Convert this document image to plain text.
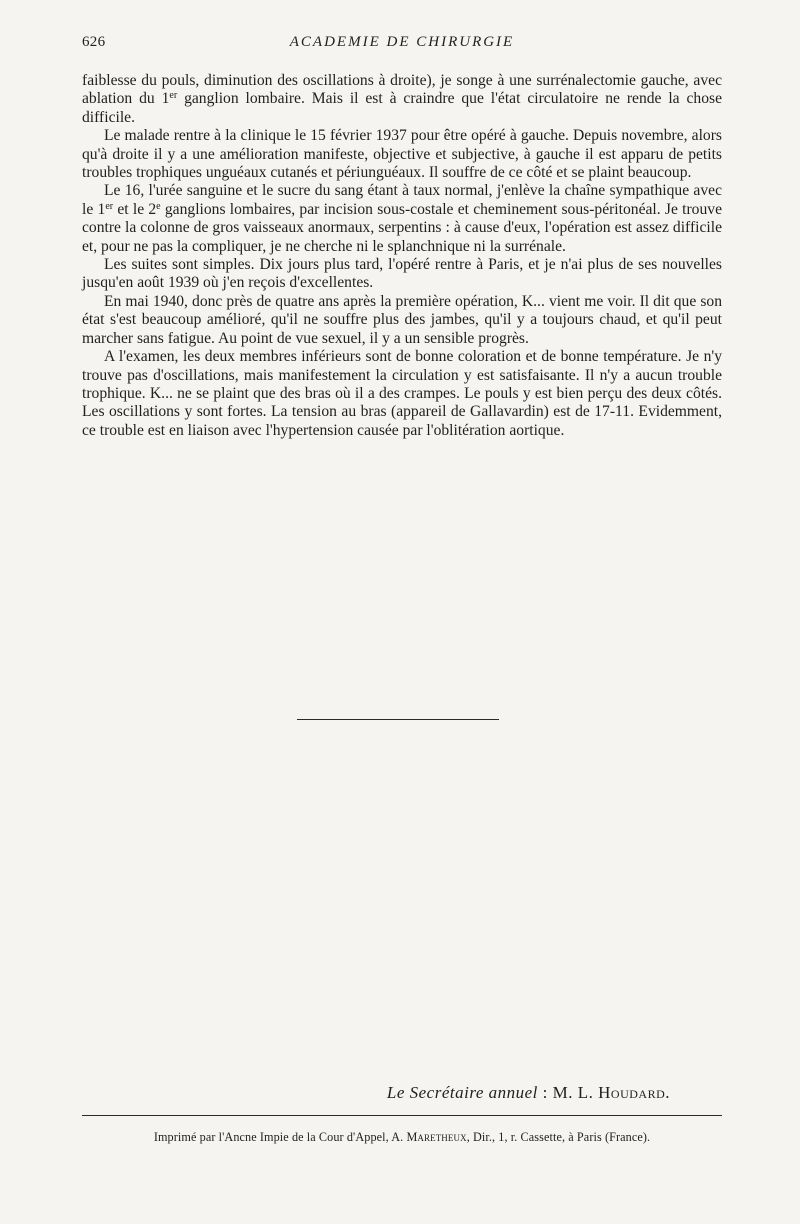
626	ACADEMIE DE CHIRURGIE

faiblesse du pouls, diminution des oscillations à droite), je songe à une surrénalectomie gauche, avec ablation du 1er ganglion lombaire. Mais il est à craindre que l'état circulatoire ne rende la chose difficile.

Le malade rentre à la clinique le 15 février 1937 pour être opéré à gauche. Depuis novembre, alors qu'à droite il y a une amélioration manifeste, objective et subjective, à gauche il est apparu de petits troubles trophiques unguéaux cutanés et périunguéaux. Il souffre de ce côté et se plaint beaucoup.

Le 16, l'urée sanguine et le sucre du sang étant à taux normal, j'enlève la chaîne sympathique avec le 1er et le 2e ganglions lombaires, par incision sous-costale et cheminement sous-péritonéal. Je trouve contre la colonne de gros vaisseaux anormaux, serpentins : à cause d'eux, l'opération est assez difficile et, pour ne pas la compliquer, je ne cherche ni le splanchnique ni la surrénale.

Les suites sont simples. Dix jours plus tard, l'opéré rentre à Paris, et je n'ai plus de ses nouvelles jusqu'en août 1939 où j'en reçois d'excellentes.

En mai 1940, donc près de quatre ans après la première opération, K... vient me voir. Il dit que son état s'est beaucoup amélioré, qu'il ne souffre plus des jambes, qu'il y a toujours chaud, et qu'il peut marcher sans fatigue. Au point de vue sexuel, il y a un sensible progrès.

A l'examen, les deux membres inférieurs sont de bonne coloration et de bonne température. Je n'y trouve pas d'oscillations, mais manifestement la circulation y est satisfaisante. Il n'y a aucun trouble trophique. K... ne se plaint que des bras où il a des crampes. Le pouls y est bien perçu des deux côtés. Les oscillations y sont fortes. La tension au bras (appareil de Gallavardin) est de 17-11. Evidemment, ce trouble est en liaison avec l'hypertension causée par l'oblitération aortique.

Le Secrétaire annuel : M. L. Houdard.
Imprimé par l'Ancne Impie de la Cour d'Appel, A. Maretheux, Dir., 1, r. Cassette, à Paris (France).
